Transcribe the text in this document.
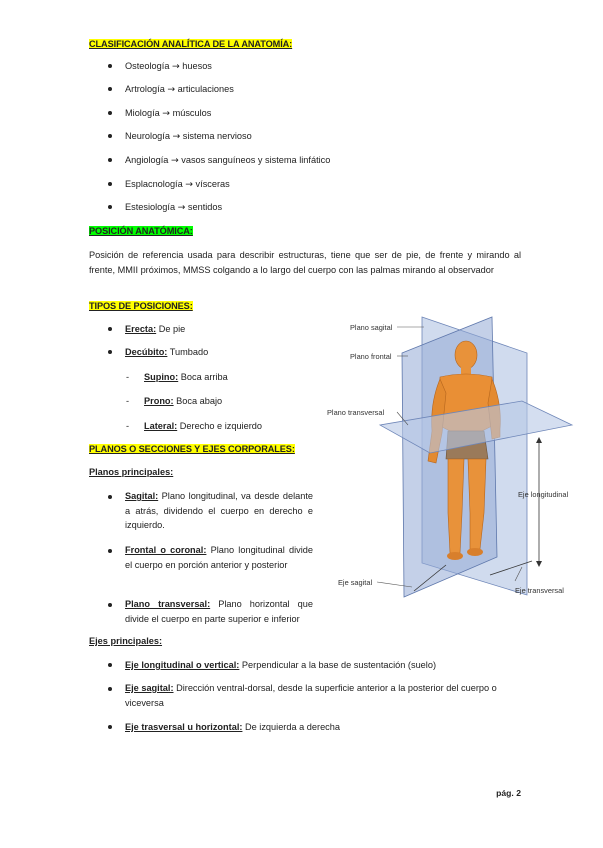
CLASIFICACIÓN ANALÍTICA DE LA ANATOMÍA:
Osteología → huesos
Artrología → articulaciones
Miología → músculos
Neurología → sistema nervioso
Angiología → vasos sanguíneos y sistema linfático
Esplacnología → vísceras
Estesiología → sentidos
POSICIÓN ANATÓMICA:
Posición de referencia usada para describir estructuras, tiene que ser de pie, de frente y mirando al frente, MMII próximos, MMSS colgando a lo largo del cuerpo con las palmas mirando al observador
TIPOS DE POSICIONES:
Erecta: De pie
Decúbito: Tumbado
- Supino: Boca arriba
- Prono: Boca abajo
- Lateral: Derecho e izquierdo
PLANOS O SECCIONES Y EJES CORPORALES:
Planos principales:
Sagital: Plano longitudinal, va desde delante a atrás, dividendo el cuerpo en derecho e izquierdo.
Frontal o coronal: Plano longitudinal divide el cuerpo en porción anterior y posterior
Plano transversal: Plano horizontal que divide el cuerpo en parte superior e inferior
Ejes principales:
Eje longitudinal o vertical: Perpendicular a la base de sustentación (suelo)
Eje sagital: Dirección ventral-dorsal, desde la superficie anterior a la posterior del cuerpo o viceversa
Eje trasversal u horizontal: De izquierda a derecha
Plano sagital
Plano frontal
Plano transversal
Eje longitudinal
Eje sagital
Eje transversal
pág. 2
